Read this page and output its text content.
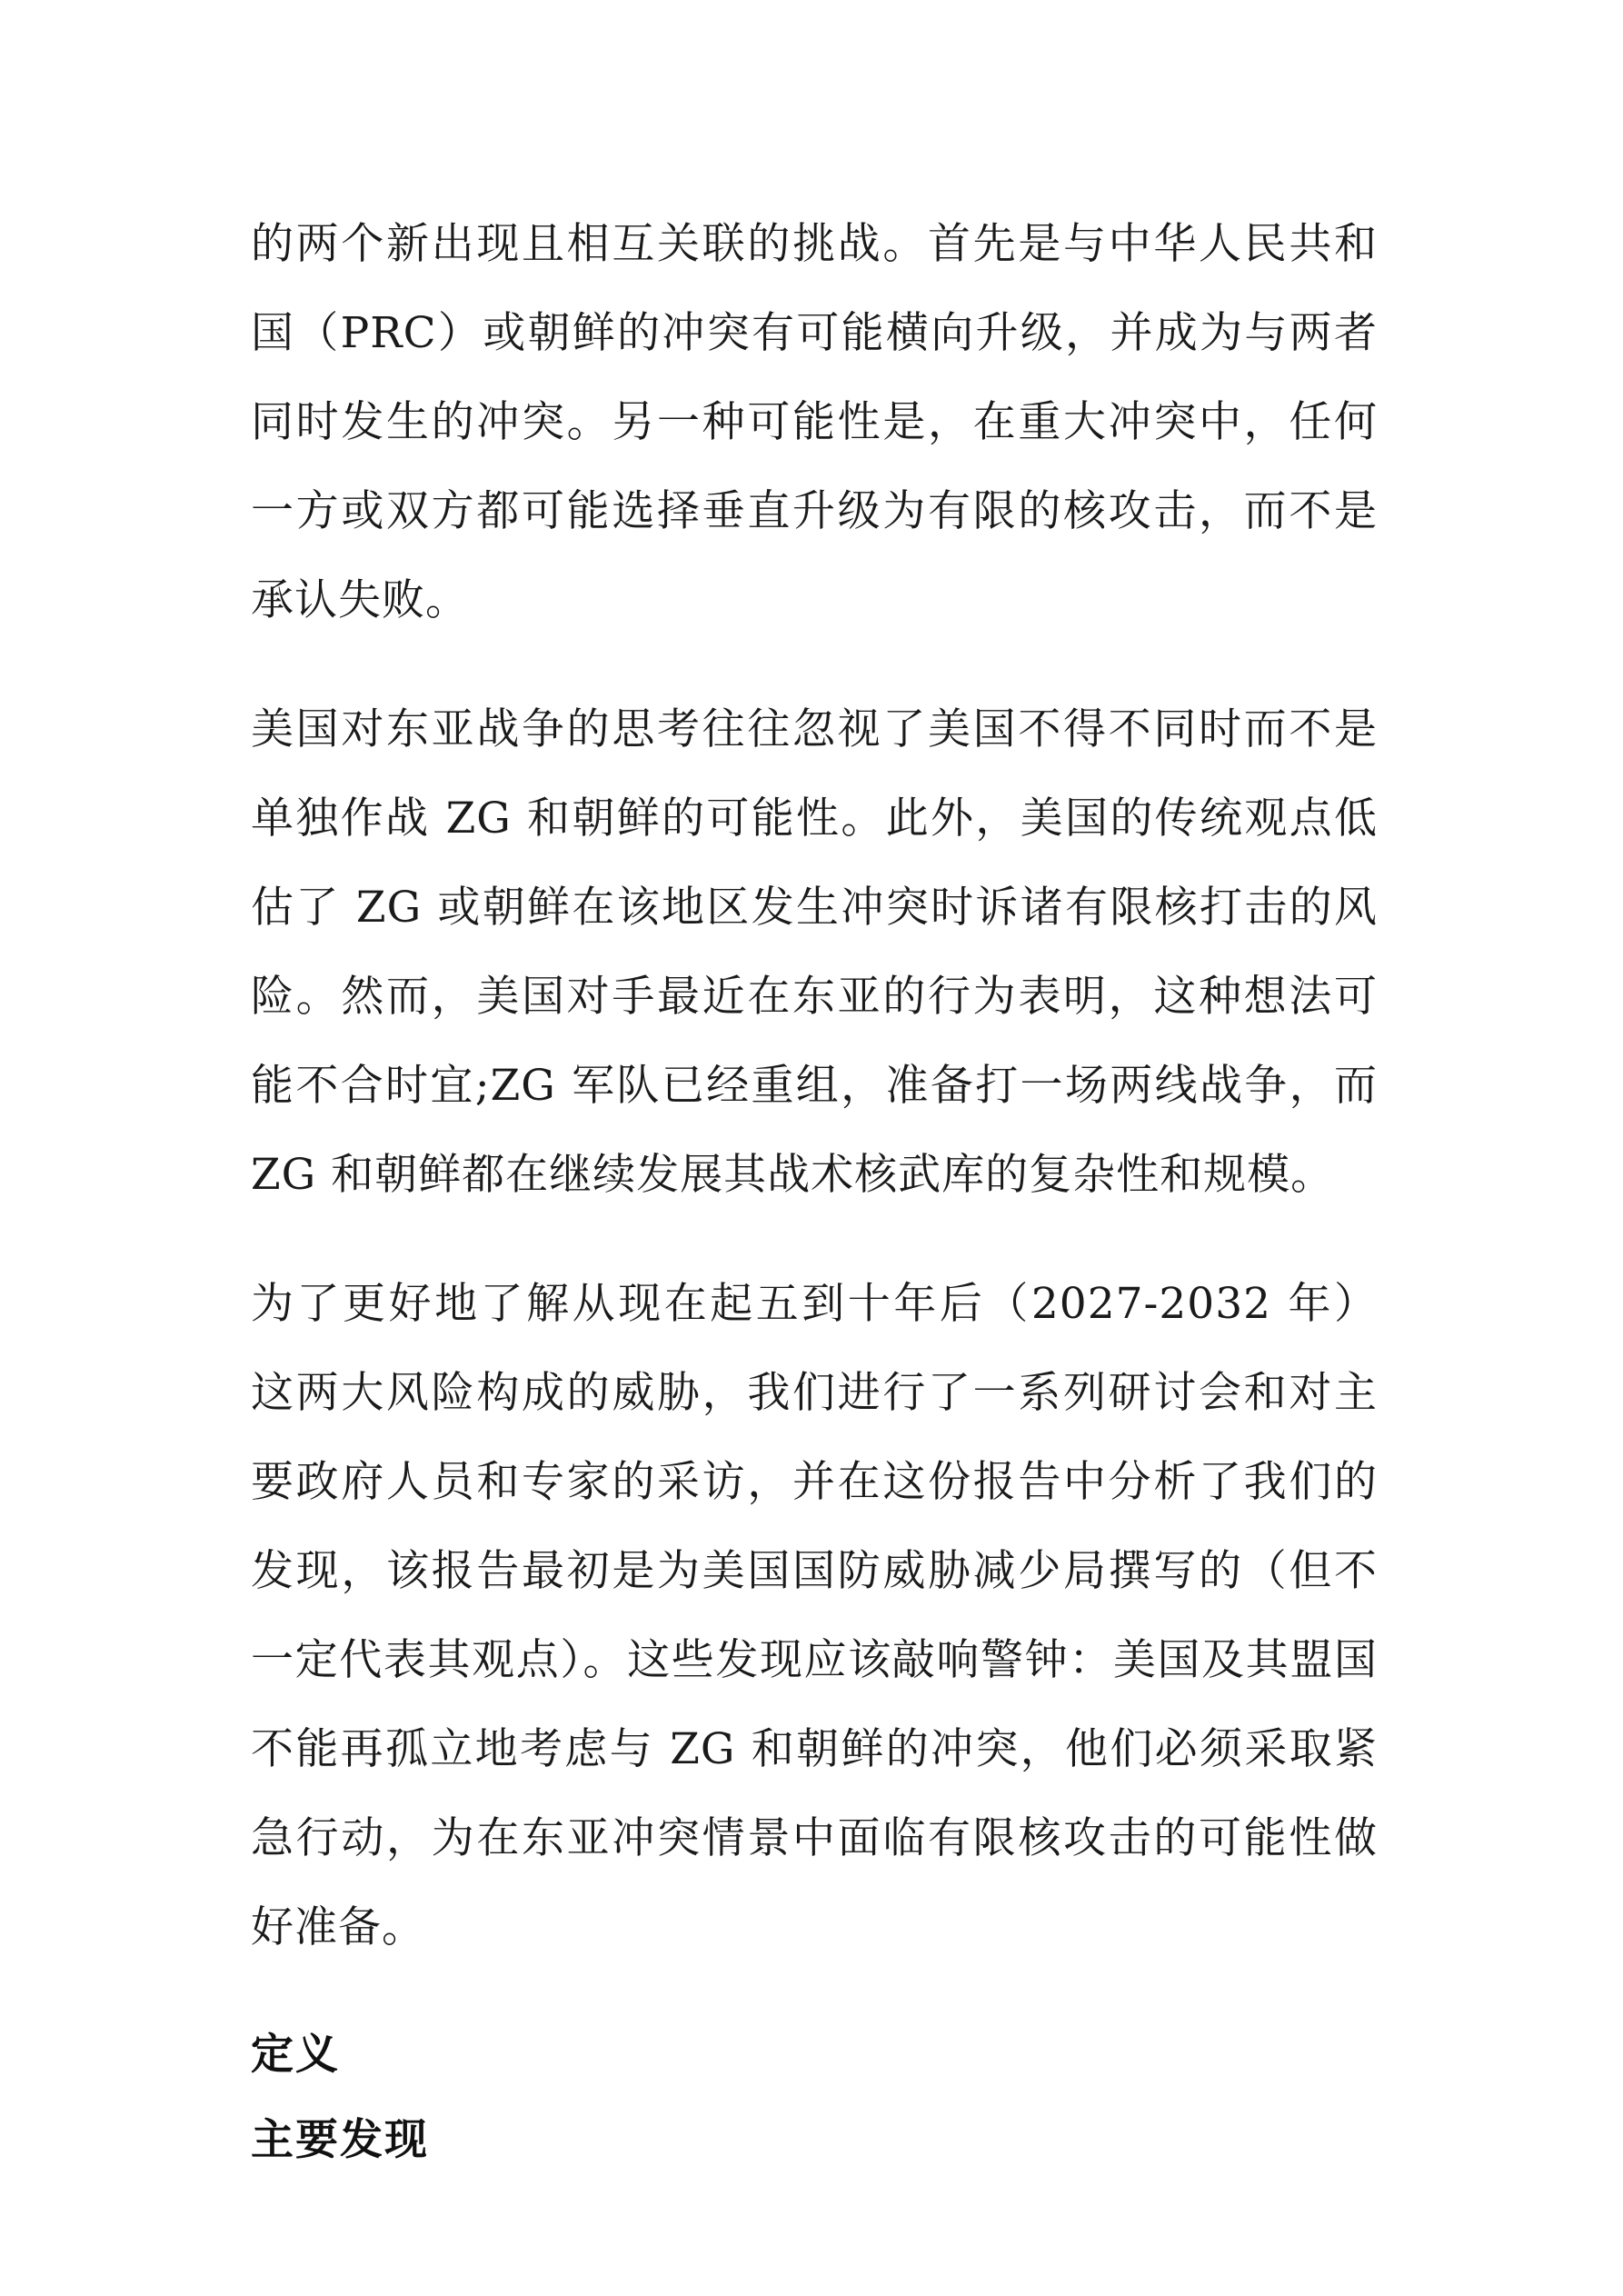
的两个新出现且相互关联的挑战。首先是与中华人民共和国（PRC）或朝鲜的冲突有可能横向升级，并成为与两者同时发生的冲突。另一种可能性是，在重大冲突中，任何一方或双方都可能选择垂直升级为有限的核攻击，而不是承认失败。

美国对东亚战争的思考往往忽视了美国不得不同时而不是单独作战 ZG 和朝鲜的可能性。此外，美国的传统观点低估了 ZG 或朝鲜在该地区发生冲突时诉诸有限核打击的风险。然而，美国对手最近在东亚的行为表明，这种想法可能不合时宜;ZG 军队已经重组，准备打一场两线战争，而 ZG 和朝鲜都在继续发展其战术核武库的复杂性和规模。

为了更好地了解从现在起五到十年后（2027-2032 年）这两大风险构成的威胁，我们进行了一系列研讨会和对主要政府人员和专家的采访，并在这份报告中分析了我们的发现，该报告最初是为美国国防威胁减少局撰写的（但不一定代表其观点）。这些发现应该敲响警钟：美国及其盟国不能再孤立地考虑与 ZG 和朝鲜的冲突，他们必须采取紧急行动，为在东亚冲突情景中面临有限核攻击的可能性做好准备。

定义
主要发现
